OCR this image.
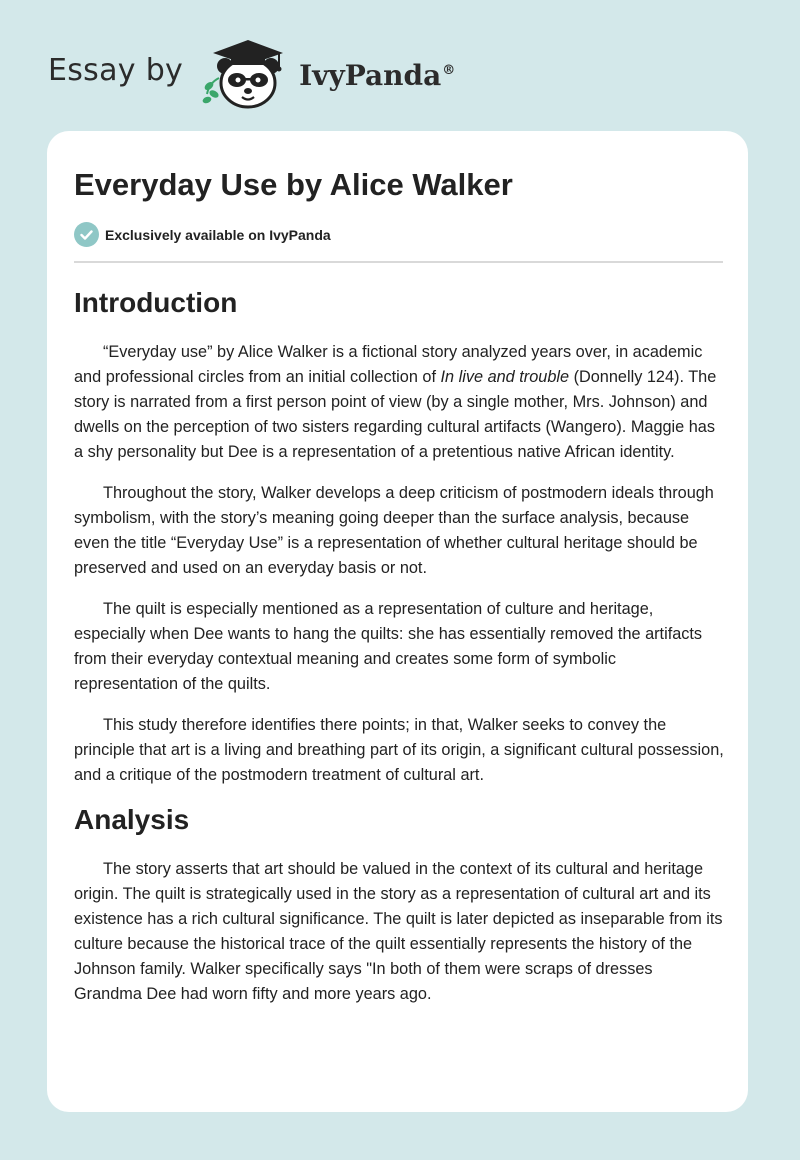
Essay by	IvyPanda®
Everyday Use by Alice Walker
Exclusively available on IvyPanda
Introduction

“Everyday use” by Alice Walker is a fictional story analyzed years over, in academic and professional circles from an initial collection of In live and trouble (Donnelly 124). The story is narrated from a first person point of view (by a single mother, Mrs. Johnson) and dwells on the perception of two sisters regarding cultural artifacts (Wangero). Maggie has a shy personality but Dee is a representation of a pretentious native African identity.

Throughout the story, Walker develops a deep criticism of postmodern ideals through symbolism, with the story’s meaning going deeper than the surface analysis, because even the title “Everyday Use” is a representation of whether cultural heritage should be preserved and used on an everyday basis or not.

The quilt is especially mentioned as a representation of culture and heritage, especially when Dee wants to hang the quilts: she has essentially removed the artifacts from their everyday contextual meaning and creates some form of symbolic representation of the quilts.

This study therefore identifies there points; in that, Walker seeks to convey the principle that art is a living and breathing part of its origin, a significant cultural possession, and a critique of the postmodern treatment of cultural art.

Analysis

The story asserts that art should be valued in the context of its cultural and heritage origin. The quilt is strategically used in the story as a representation of cultural art and its existence has a rich cultural significance. The quilt is later depicted as inseparable from its culture because the historical trace of the quilt essentially represents the history of the Johnson family. Walker specifically says "In both of them were scraps of dresses Grandma Dee had worn fifty and more years ago.
